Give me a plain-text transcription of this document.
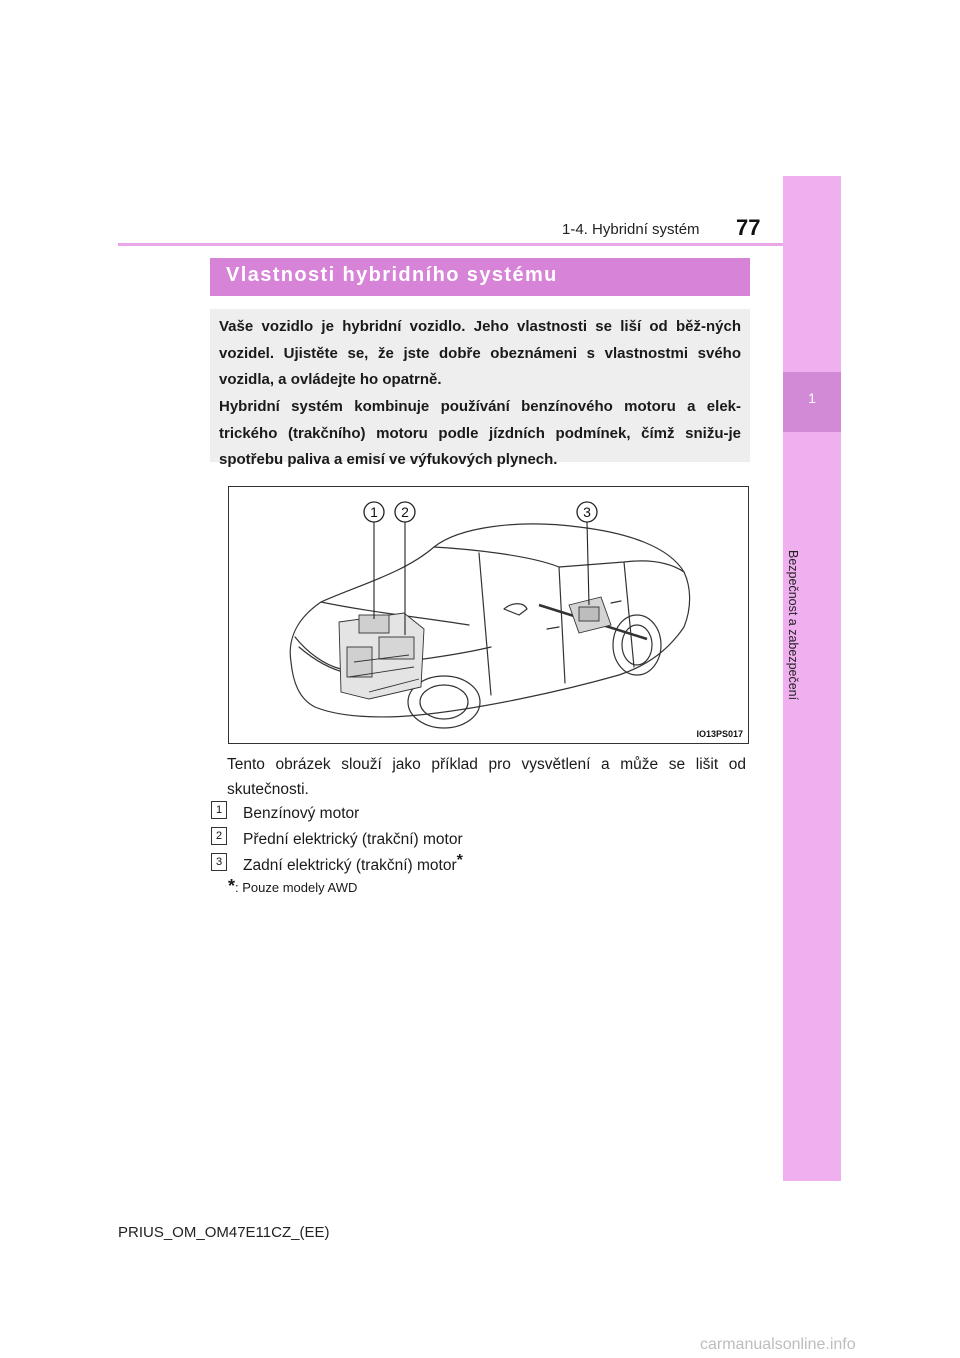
1
Bezpečnost a zabezpečení
1-4. Hybridní systém 77
Vlastnosti hybridního systému

Vaše vozidlo je hybridní vozidlo. Jeho vlastnosti se liší od běž-ných vozidel. Ujistěte se, že jste dobře obeznámeni s vlastnostmi svého vozidla, a ovládejte ho opatrně.

Hybridní systém kombinuje používání benzínového motoru a elek-trického (trakčního) motoru podle jízdních podmínek, čímž snižu-je spotřebu paliva a emisí ve výfukových plynech.

1 2	3
IO13PS017

Tento obrázek slouží jako příklad pro vysvětlení a může se lišit od skutečnosti.

1	Benzínový motor
2	Přední elektrický (trakční) motor
3	Zadní elektrický (trakční) motor*
*: Pouze modely AWD
PRIUS_OM_OM47E11CZ_(EE)
carmanualsonline.info
